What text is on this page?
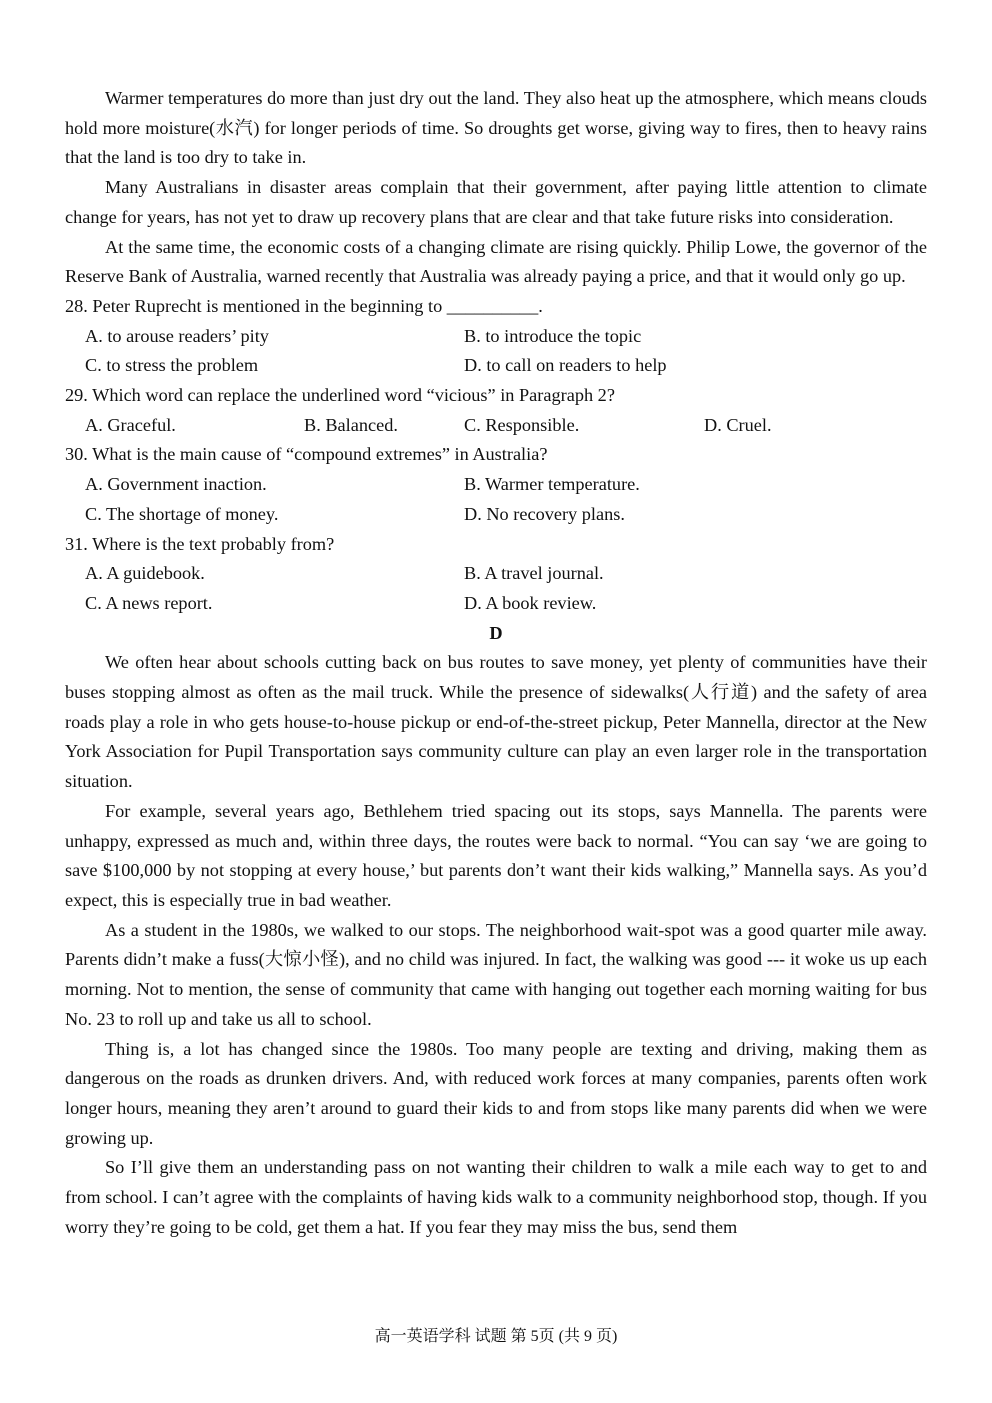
Warmer temperatures do more than just dry out the land. They also heat up the atmosphere, which means clouds hold more moisture(水汽) for longer periods of time. So droughts get worse, giving way to fires, then to heavy rains that the land is too dry to take in.

Many Australians in disaster areas complain that their government, after paying little attention to climate change for years, has not yet to draw up recovery plans that are clear and that take future risks into consideration.

At the same time, the economic costs of a changing climate are rising quickly. Philip Lowe, the governor of the Reserve Bank of Australia, warned recently that Australia was already paying a price, and that it would only go up.

28. Peter Ruprecht is mentioned in the beginning to __________.

A. to arouse readers’ pity	B. to introduce the topic
C. to stress the problem	D. to call on readers to help

29. Which word can replace the underlined word “vicious” in Paragraph 2?

A. Graceful.	B. Balanced.	C. Responsible.	D. Cruel.

30. What is the main cause of “compound extremes” in Australia?

A. Government inaction.	B. Warmer temperature.
C. The shortage of money.	D. No recovery plans.

31. Where is the text probably from?

A. A guidebook.	B. A travel journal.
C. A news report.	D. A book review.

D

We often hear about schools cutting back on bus routes to save money, yet plenty of communities have their buses stopping almost as often as the mail truck. While the presence of sidewalks(人行道) and the safety of area roads play a role in who gets house-to-house pickup or end-of-the-street pickup, Peter Mannella, director at the New York Association for Pupil Transportation says community culture can play an even larger role in the transportation situation.

For example, several years ago, Bethlehem tried spacing out its stops, says Mannella. The parents were unhappy, expressed as much and, within three days, the routes were back to normal. “You can say ‘we are going to save $100,000 by not stopping at every house,’ but parents don’t want their kids walking,” Mannella says. As you’d expect, this is especially true in bad weather.

As a student in the 1980s, we walked to our stops. The neighborhood wait-spot was a good quarter mile away. Parents didn’t make a fuss(大惊小怪), and no child was injured. In fact, the walking was good --- it woke us up each morning. Not to mention, the sense of community that came with hanging out together each morning waiting for bus No. 23 to roll up and take us all to school.

Thing is, a lot has changed since the 1980s. Too many people are texting and driving, making them as dangerous on the roads as drunken drivers. And, with reduced work forces at many companies, parents often work longer hours, meaning they aren’t around to guard their kids to and from stops like many parents did when we were growing up.

So I’ll give them an understanding pass on not wanting their children to walk a mile each way to get to and from school. I can’t agree with the complaints of having kids walk to a community neighborhood stop, though. If you worry they’re going to be cold, get them a hat. If you fear they may miss the bus, send them

高一英语学科 试题 第 5页 (共 9 页)
